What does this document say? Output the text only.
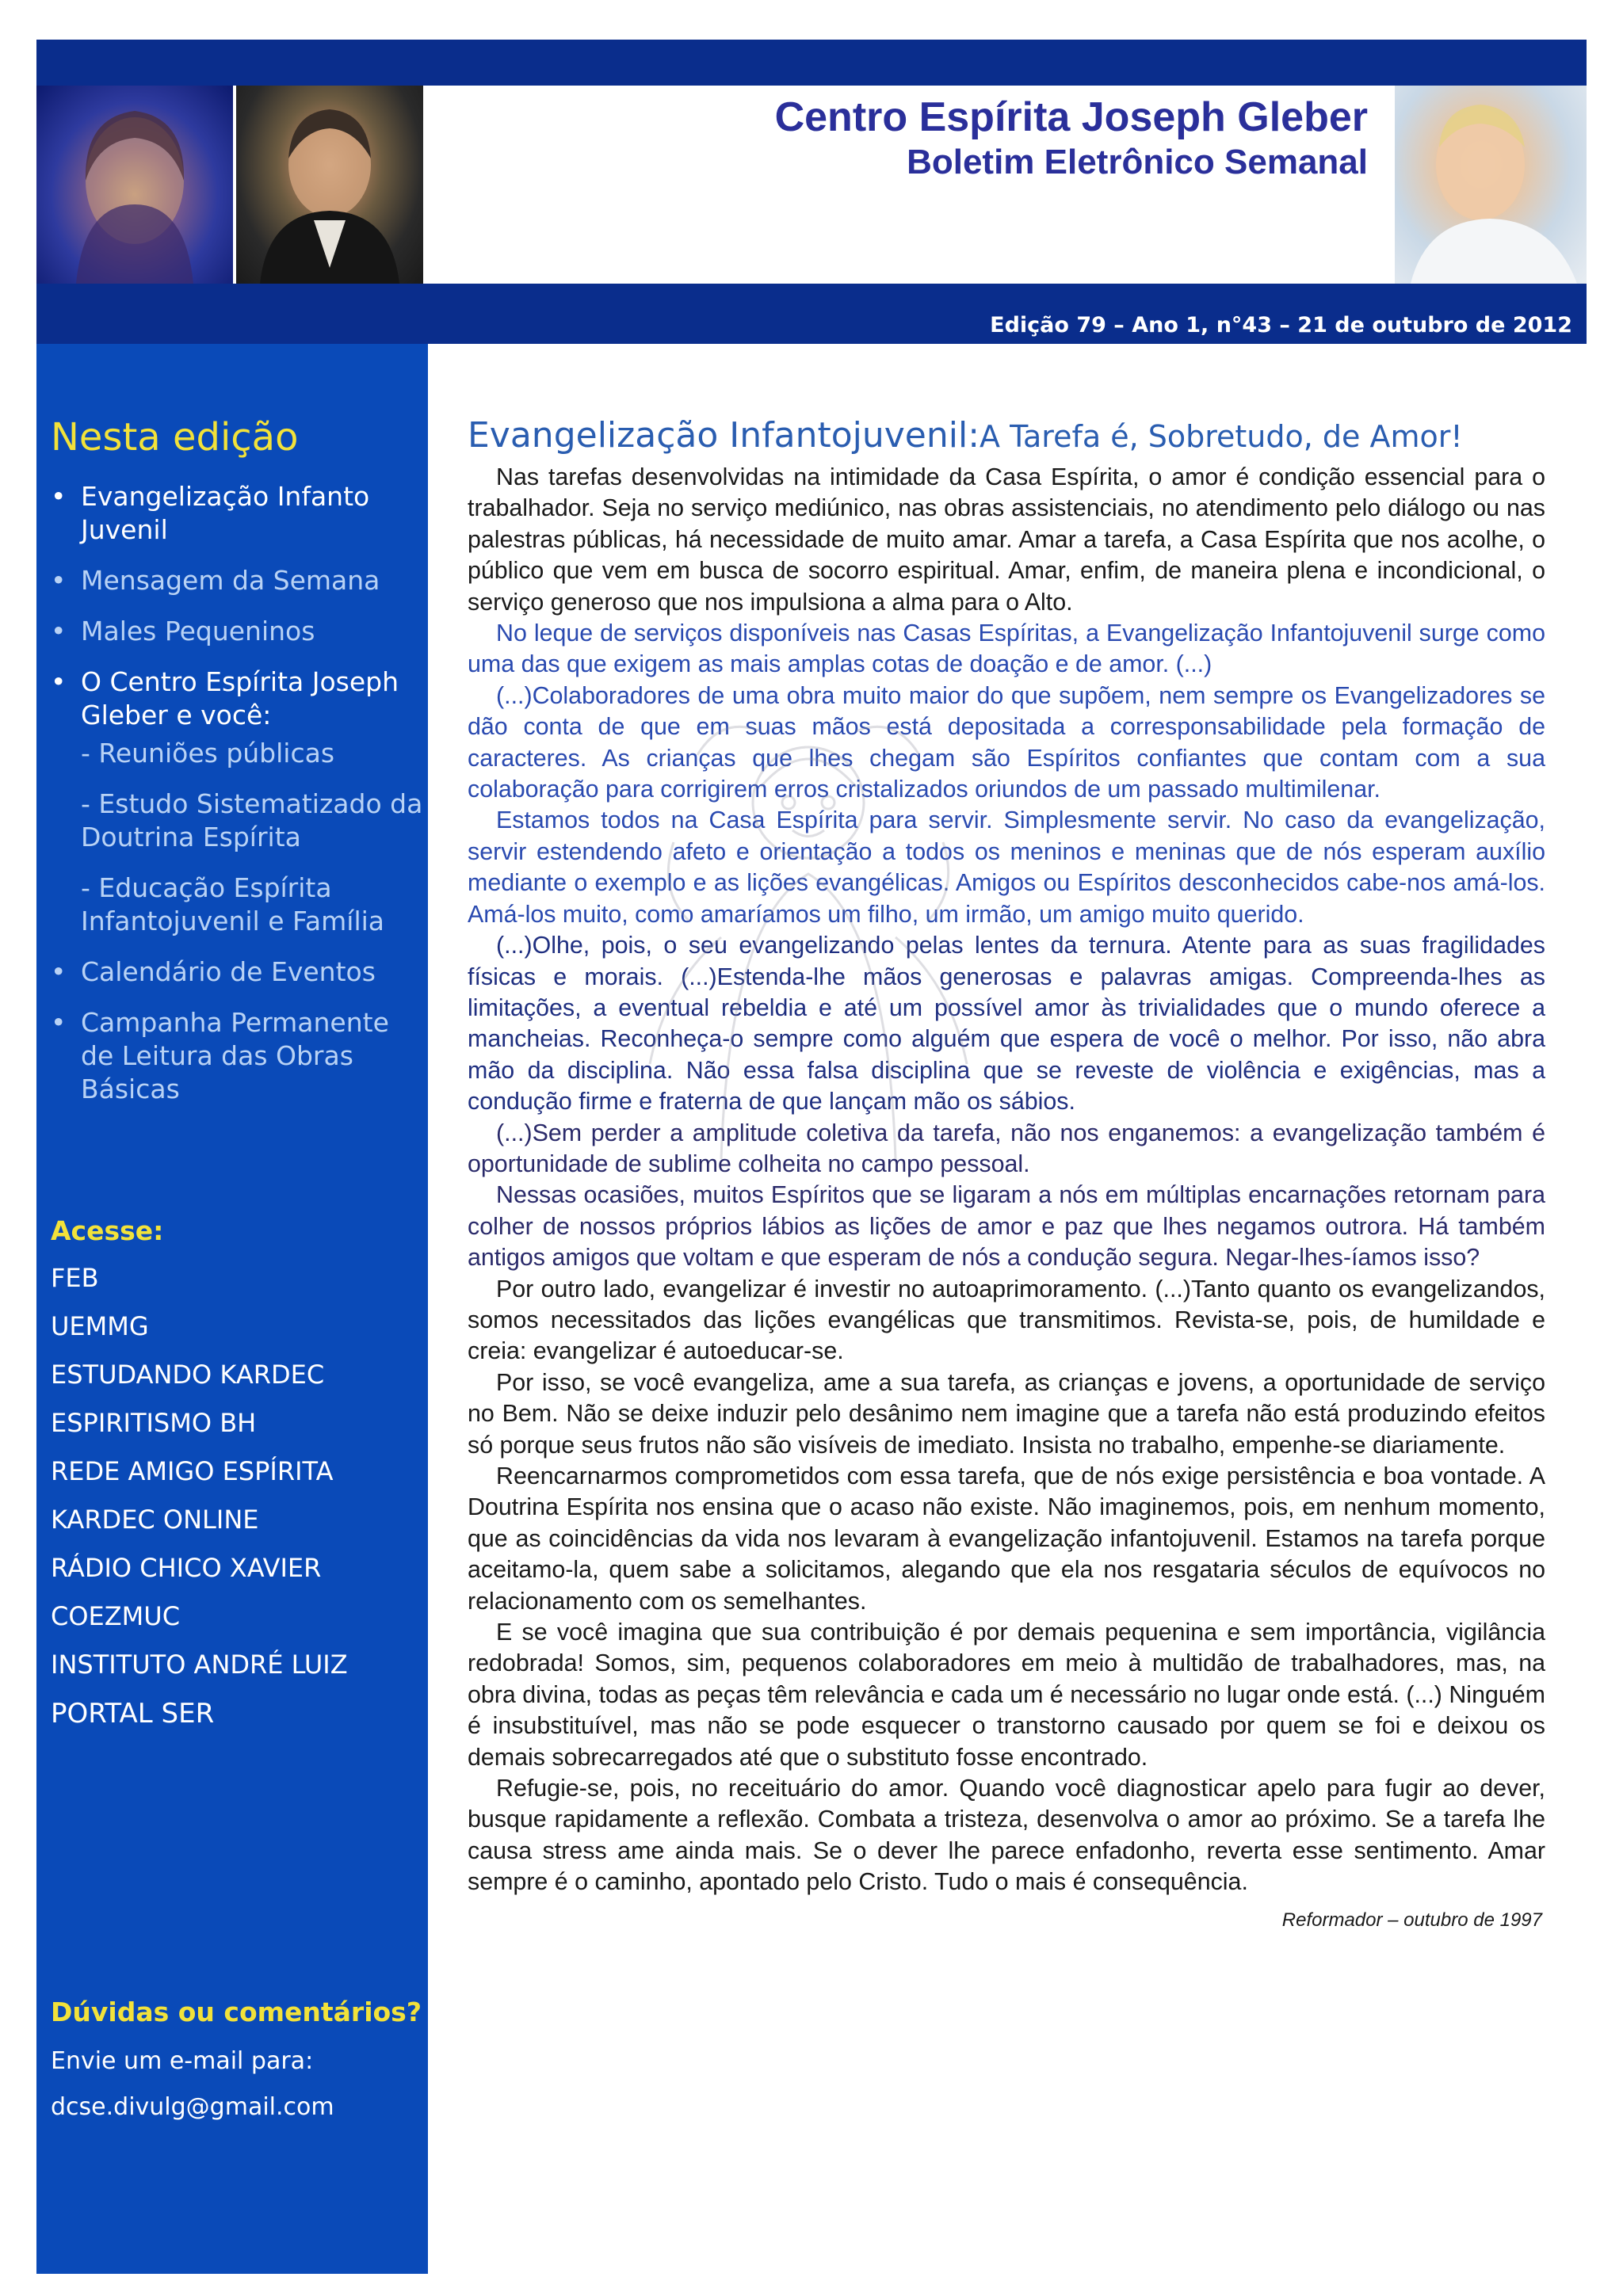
Centro Espírita Joseph Gleber
Boletim Eletrônico Semanal
Edição 79 – Ano 1, n°43 – 21 de outubro de 2012
Nesta edição
• Evangelização Infanto Juvenil
• Mensagem da Semana
• Males Pequeninos
• O Centro Espírita Joseph Gleber e você:
- Reuniões públicas
- Estudo Sistematizado da Doutrina Espírita
- Educação Espírita Infantojuvenil e Família
• Calendário de Eventos
• Campanha Permanente de Leitura das Obras Básicas
Acesse:
FEB
UEMMG
ESTUDANDO KARDEC
ESPIRITISMO BH
REDE AMIGO ESPÍRITA
KARDEC ONLINE
RÁDIO CHICO XAVIER
COEZMUC
INSTITUTO ANDRÉ LUIZ
PORTAL SER
Dúvidas ou comentários?
Envie um e-mail para:
dcse.divulg@gmail.com
Evangelização Infantojuvenil:A Tarefa é, Sobretudo, de Amor!

Nas tarefas desenvolvidas na intimidade da Casa Espírita, o amor é condição essencial para o trabalhador. Seja no serviço mediúnico, nas obras assistenciais, no atendimento pelo diálogo ou nas palestras públicas, há necessidade de muito amar. Amar a tarefa, a Casa Espírita que nos acolhe, o público que vem em busca de socorro espiritual. Amar, enfim, de maneira plena e incondicional, o serviço generoso que nos impulsiona a alma para o Alto.

No leque de serviços disponíveis nas Casas Espíritas, a Evangelização Infantojuvenil surge como uma das que exigem as mais amplas cotas de doação e de amor. (...)

(...)Colaboradores de uma obra muito maior do que supõem, nem sempre os Evangelizadores se dão conta de que em suas mãos está depositada a corresponsabilidade pela formação de caracteres. As crianças que lhes chegam são Espíritos confiantes que contam com a sua colaboração para corrigirem erros cristalizados oriundos de um passado multimilenar.

Estamos todos na Casa Espírita para servir. Simplesmente servir. No caso da evangelização, servir estendendo afeto e orientação a todos os meninos e meninas que de nós esperam auxílio mediante o exemplo e as lições evangélicas. Amigos ou Espíritos desconhecidos cabe-nos amá-los. Amá-los muito, como amaríamos um filho, um irmão, um amigo muito querido.

(...)Olhe, pois, o seu evangelizando pelas lentes da ternura. Atente para as suas fragilidades físicas e morais. (...)Estenda-lhe mãos generosas e palavras amigas. Compreenda-lhes as limitações, a eventual rebeldia e até um possível amor às trivialidades que o mundo oferece a mancheias. Reconheça-o sempre como alguém que espera de você o melhor. Por isso, não abra mão da disciplina. Não essa falsa disciplina que se reveste de violência e exigências, mas a condução firme e fraterna de que lançam mão os sábios.

(...)Sem perder a amplitude coletiva da tarefa, não nos enganemos: a evangelização também é oportunidade de sublime colheita no campo pessoal.

Nessas ocasiões, muitos Espíritos que se ligaram a nós em múltiplas encarnações retornam para colher de nossos próprios lábios as lições de amor e paz que lhes negamos outrora. Há também antigos amigos que voltam e que esperam de nós a condução segura. Negar-lhes-íamos isso?

Por outro lado, evangelizar é investir no autoaprimoramento. (...)Tanto quanto os evangelizandos, somos necessitados das lições evangélicas que transmitimos. Revista-se, pois, de humildade e creia: evangelizar é autoeducar-se.

Por isso, se você evangeliza, ame a sua tarefa, as crianças e jovens, a oportunidade de serviço no Bem. Não se deixe induzir pelo desânimo nem imagine que a tarefa não está produzindo efeitos só porque seus frutos não são visíveis de imediato. Insista no trabalho, empenhe-se diariamente.

Reencarnarmos comprometidos com essa tarefa, que de nós exige persistência e boa vontade. A Doutrina Espírita nos ensina que o acaso não existe. Não imaginemos, pois, em nenhum momento, que as coincidências da vida nos levaram à evangelização infantojuvenil. Estamos na tarefa porque aceitamo-la, quem sabe a solicitamos, alegando que ela nos resgataria séculos de equívocos no relacionamento com os semelhantes.

E se você imagina que sua contribuição é por demais pequenina e sem importância, vigilância redobrada! Somos, sim, pequenos colaboradores em meio à multidão de trabalhadores, mas, na obra divina, todas as peças têm relevância e cada um é necessário no lugar onde está. (...) Ninguém é insubstituível, mas não se pode esquecer o transtorno causado por quem se foi e deixou os demais sobrecarregados até que o substituto fosse encontrado.

Refugie-se, pois, no receituário do amor. Quando você diagnosticar apelo para fugir ao dever, busque rapidamente a reflexão. Combata a tristeza, desenvolva o amor ao próximo. Se a tarefa lhe causa stress ame ainda mais. Se o dever lhe parece enfadonho, reverta esse sentimento. Amar sempre é o caminho, apontado pelo Cristo. Tudo o mais é consequência.

Reformador – outubro de 1997
